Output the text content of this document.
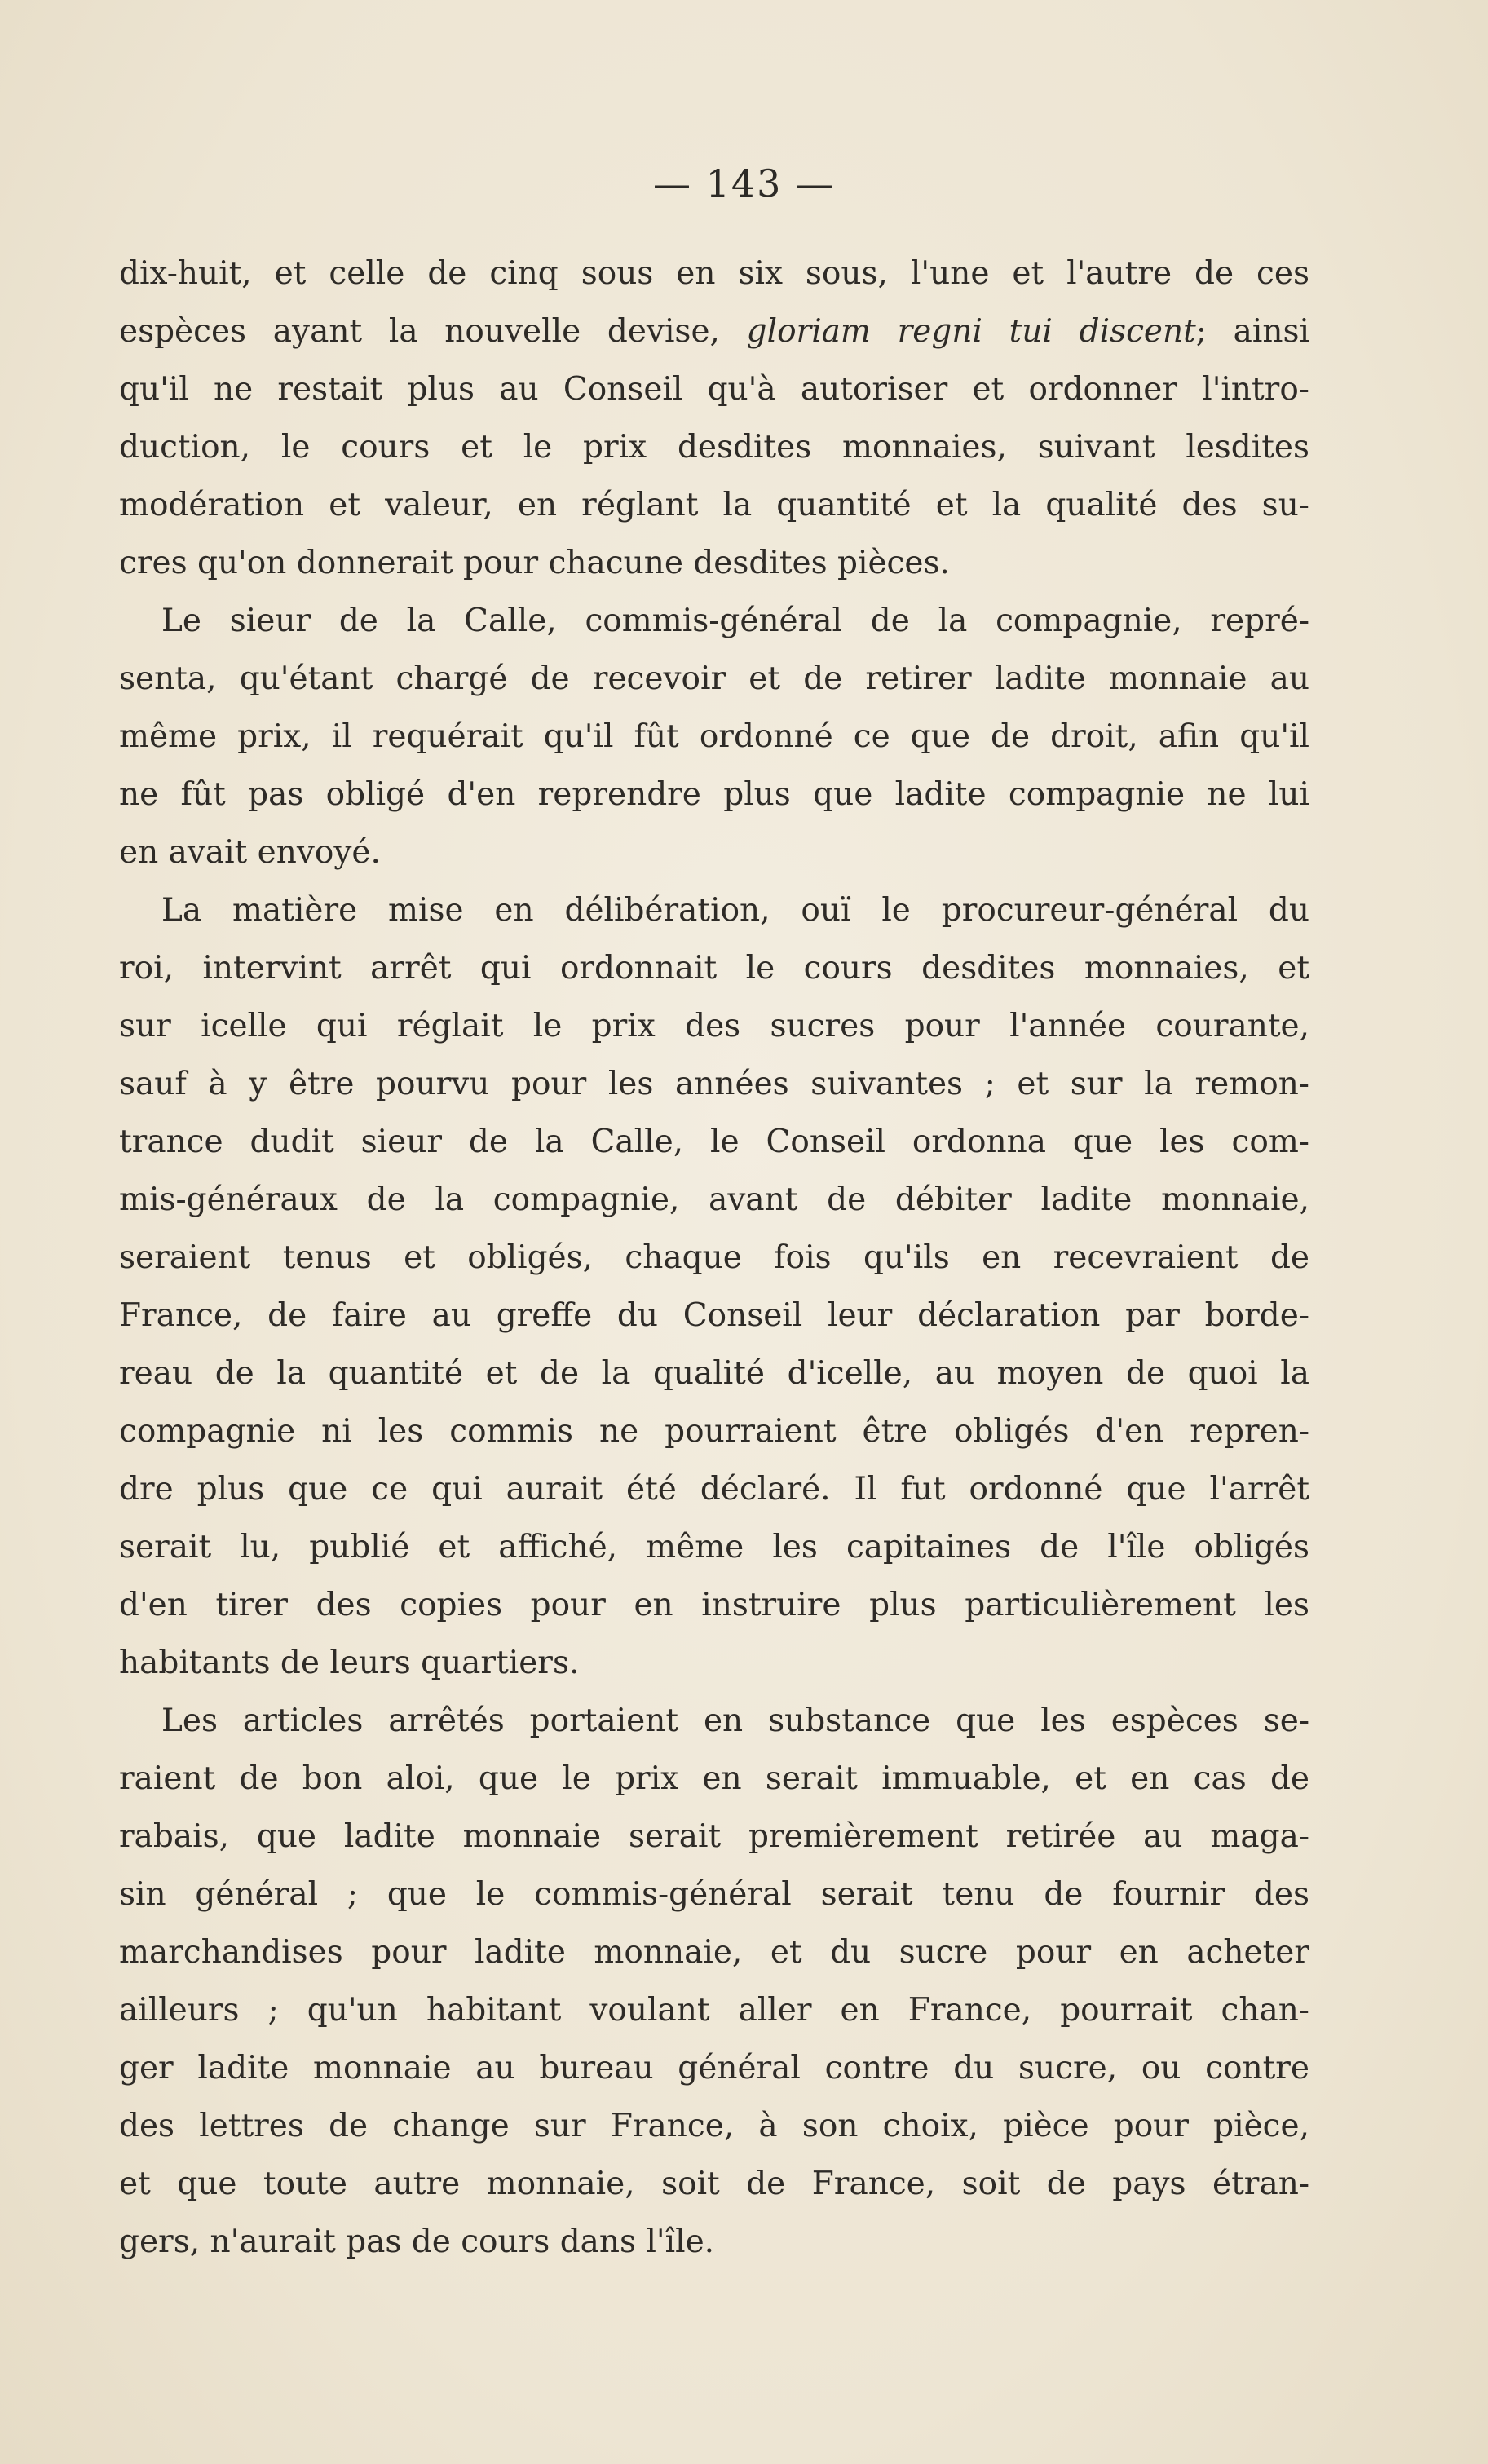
— 143 —

dix-huit, et celle de cinq sous en six sous, l'une et l'autre de ces
espèces ayant la nouvelle devise, gloriam regni tui discent; ainsi
qu'il ne restait plus au Conseil qu'à autoriser et ordonner l'intro-
duction, le cours et le prix desdites monnaies, suivant lesdites
modération et valeur, en réglant la quantité et la qualité des su-
cres qu'on donnerait pour chacune desdites pièces.

Le sieur de la Calle, commis-général de la compagnie, repré-
senta, qu'étant chargé de recevoir et de retirer ladite monnaie au
même prix, il requérait qu'il fût ordonné ce que de droit, afin qu'il
ne fût pas obligé d'en reprendre plus que ladite compagnie ne lui
en avait envoyé.

La matière mise en délibération, ouï le procureur-général du
roi, intervint arrêt qui ordonnait le cours desdites monnaies, et
sur icelle qui réglait le prix des sucres pour l'année courante,
sauf à y être pourvu pour les années suivantes ; et sur la remon-
trance dudit sieur de la Calle, le Conseil ordonna que les com-
mis-généraux de la compagnie, avant de débiter ladite monnaie,
seraient tenus et obligés, chaque fois qu'ils en recevraient de
France, de faire au greffe du Conseil leur déclaration par borde-
reau de la quantité et de la qualité d'icelle, au moyen de quoi la
compagnie ni les commis ne pourraient être obligés d'en repren-
dre plus que ce qui aurait été déclaré. Il fut ordonné que l'arrêt
serait lu, publié et affiché, même les capitaines de l'île obligés
d'en tirer des copies pour en instruire plus particulièrement les
habitants de leurs quartiers.

Les articles arrêtés portaient en substance que les espèces se-
raient de bon aloi, que le prix en serait immuable, et en cas de
rabais, que ladite monnaie serait premièrement retirée au maga-
sin général ; que le commis-général serait tenu de fournir des
marchandises pour ladite monnaie, et du sucre pour en acheter
ailleurs ; qu'un habitant voulant aller en France, pourrait chan-
ger ladite monnaie au bureau général contre du sucre, ou contre
des lettres de change sur France, à son choix, pièce pour pièce,
et que toute autre monnaie, soit de France, soit de pays étran-
gers, n'aurait pas de cours dans l'île.
